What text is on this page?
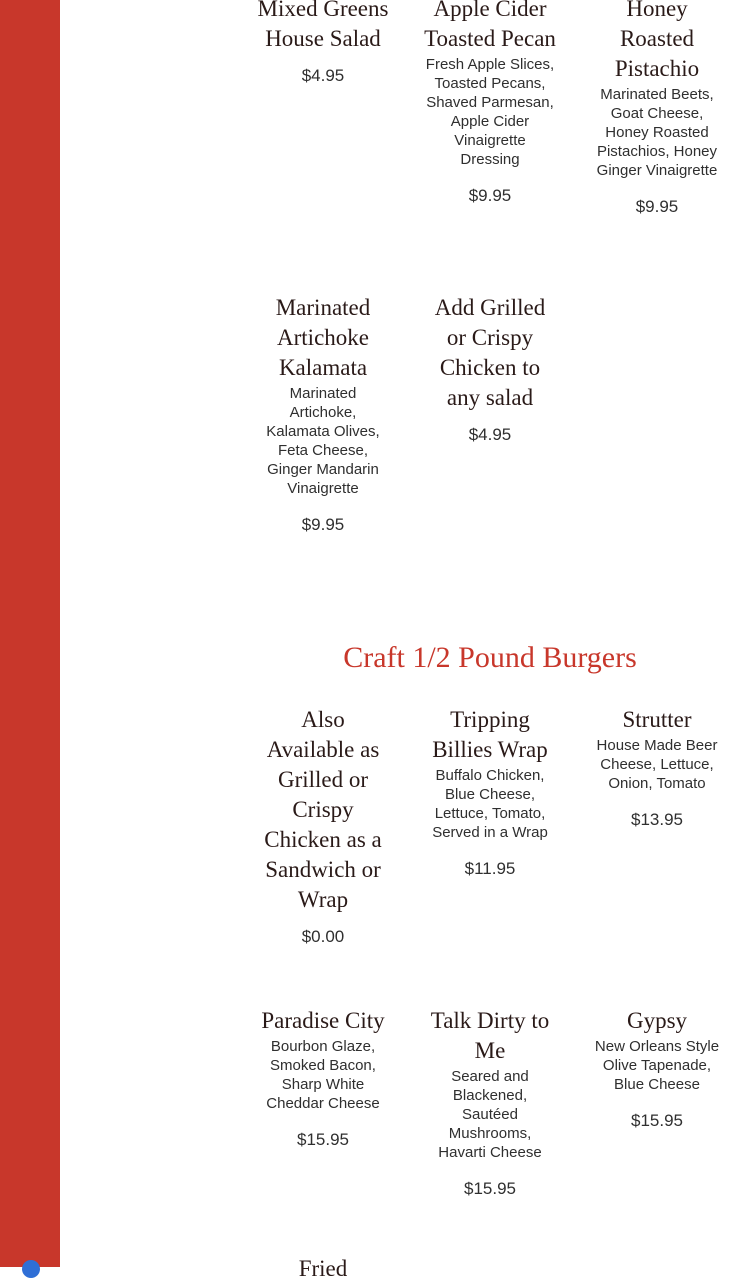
Mixed Greens House Salad
$4.95
Apple Cider Toasted Pecan
Fresh Apple Slices, Toasted Pecans, Shaved Parmesan, Apple Cider Vinaigrette Dressing
$9.95
Honey Roasted Pistachio
Marinated Beets, Goat Cheese, Honey Roasted Pistachios, Honey Ginger Vinaigrette
$9.95
Marinated Artichoke Kalamata
Marinated Artichoke, Kalamata Olives, Feta Cheese, Ginger Mandarin Vinaigrette
$9.95
Add Grilled or Crispy Chicken to any salad
$4.95
Craft 1/2 Pound Burgers
Also Available as Grilled or Crispy Chicken as a Sandwich or Wrap
$0.00
Tripping Billies Wrap
Buffalo Chicken, Blue Cheese, Lettuce, Tomato, Served in a Wrap
$11.95
Strutter
House Made Beer Cheese, Lettuce, Onion, Tomato
$13.95
Paradise City
Bourbon Glaze, Smoked Bacon, Sharp White Cheddar Cheese
$15.95
Talk Dirty to Me
Seared and Blackened, Sautéed Mushrooms, Havarti Cheese
$15.95
Gypsy
New Orleans Style Olive Tapenade, Blue Cheese
$15.95
Fried
